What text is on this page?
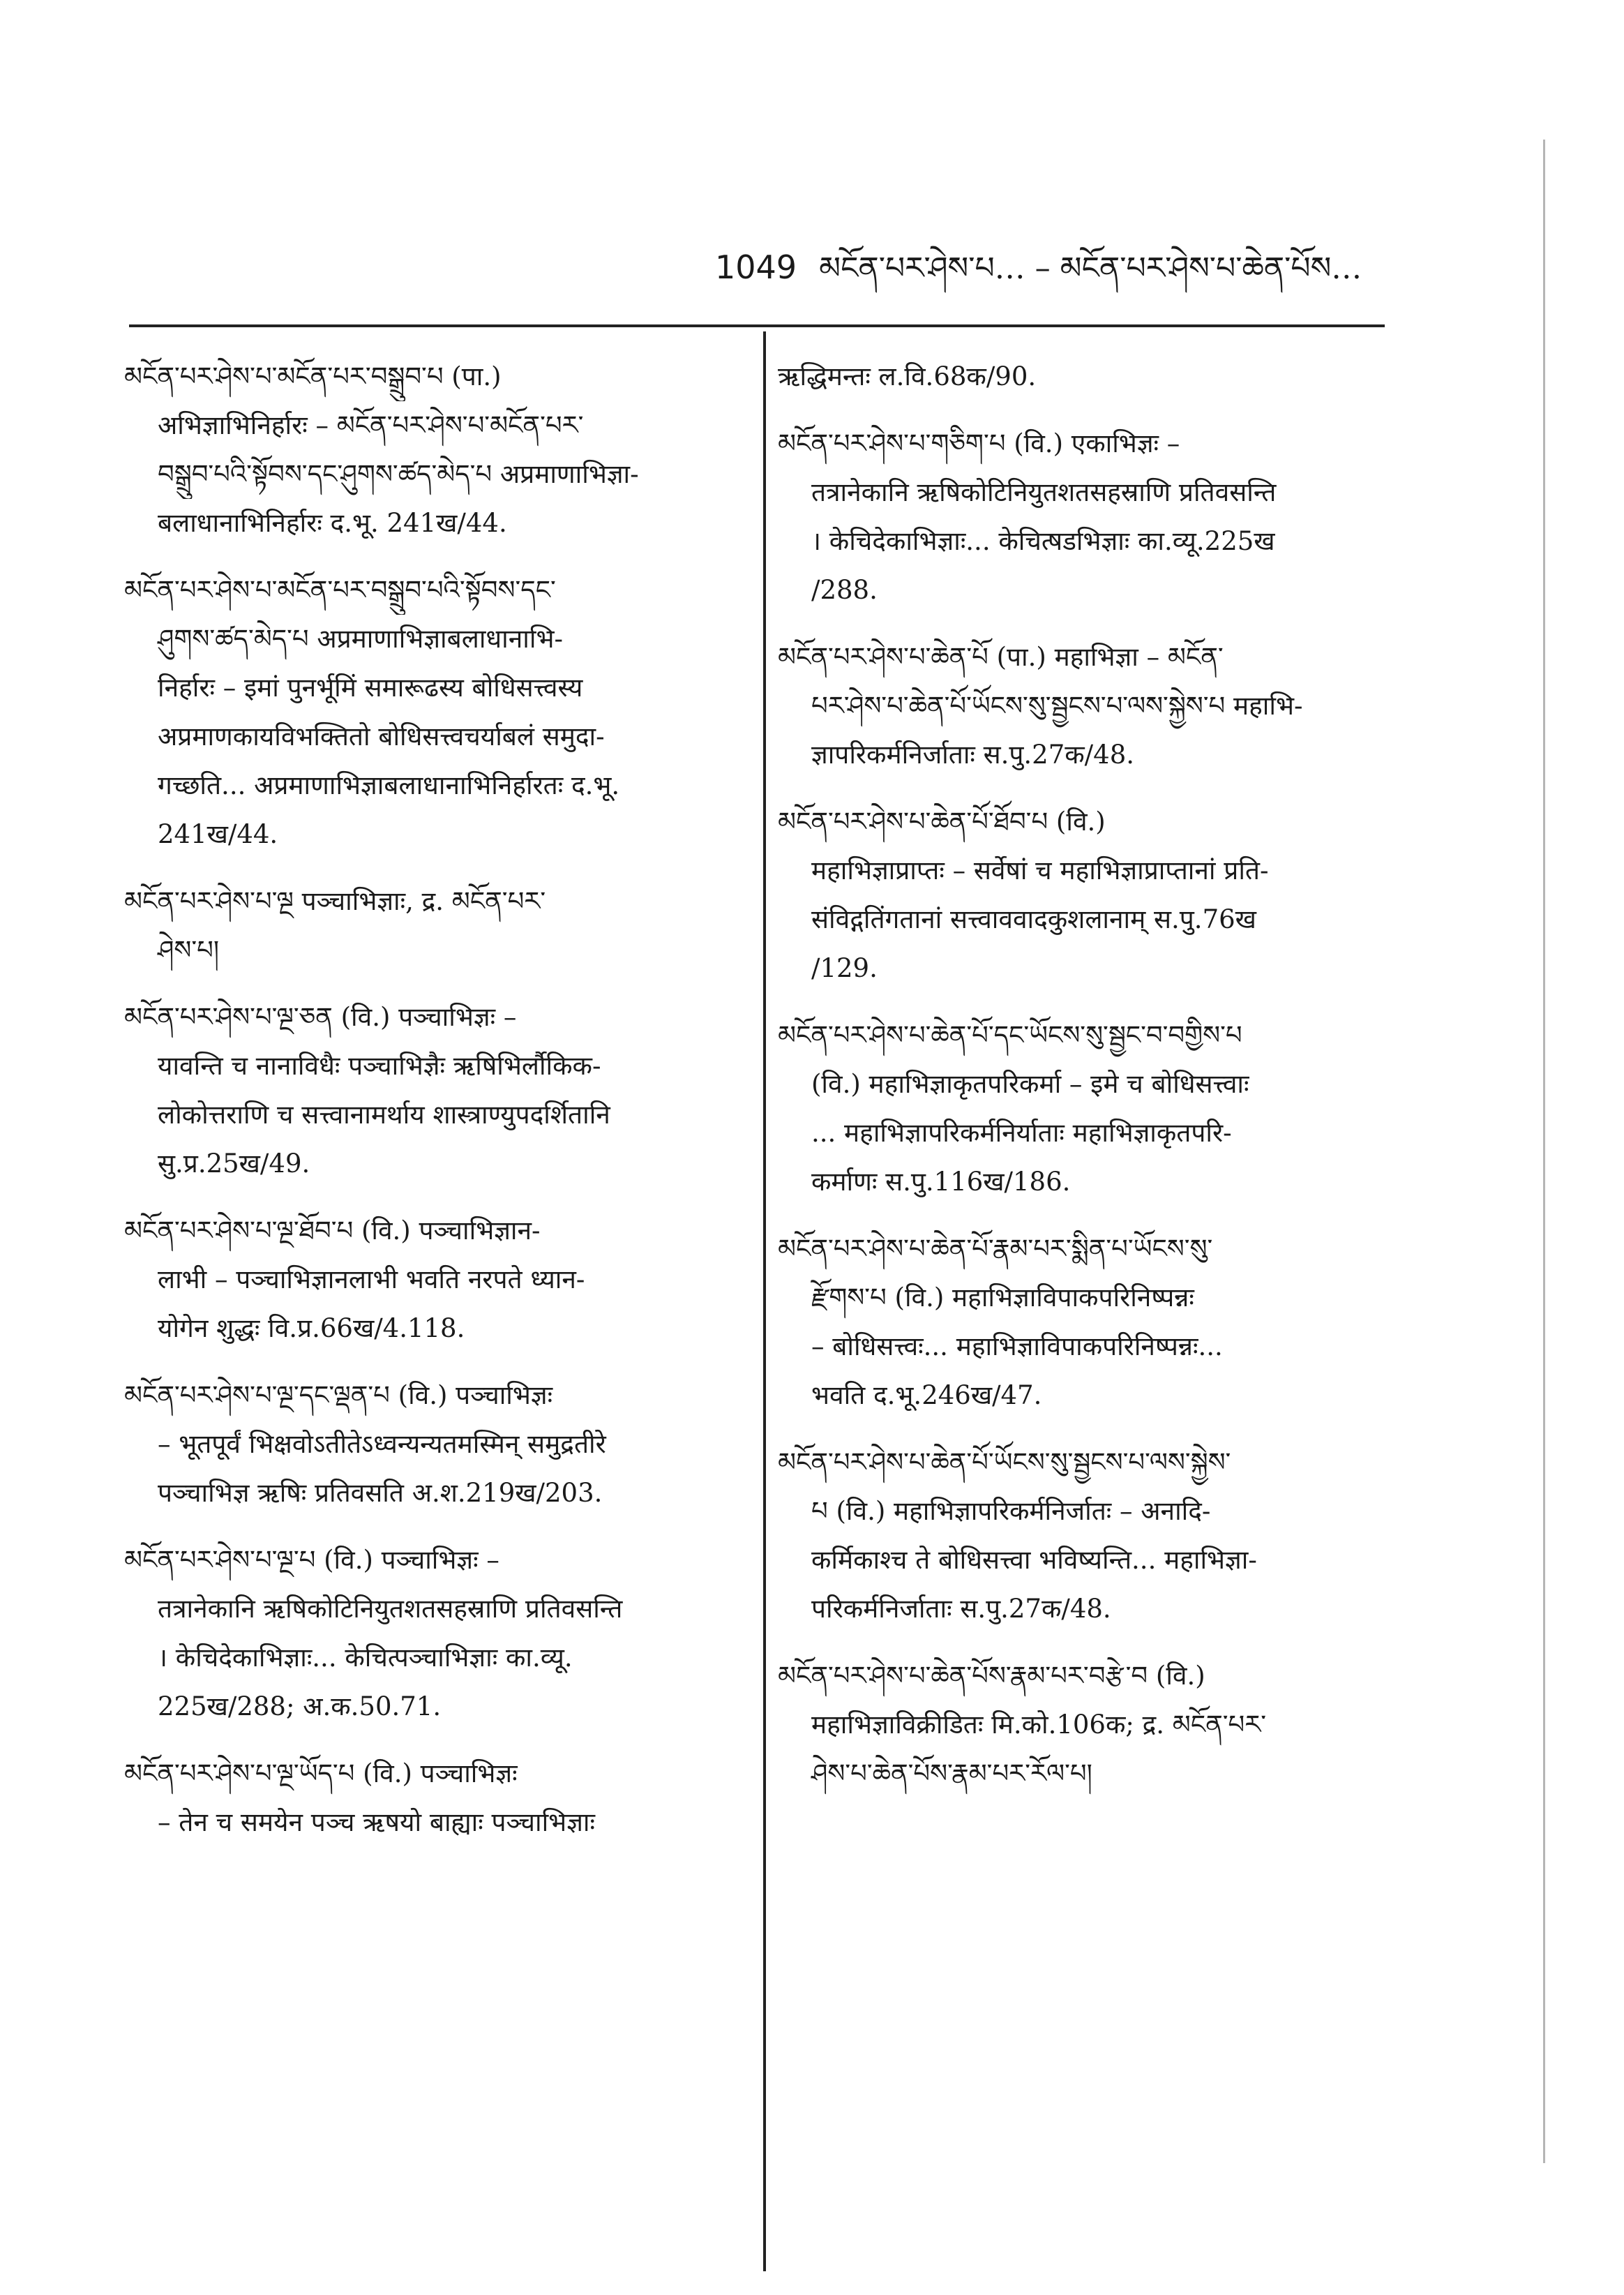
1049 མངོན་པར་ཤེས་པ… – མངོན་པར་ཤེས་པ་ཆེན་པོས…
མངོན་པར་ཤེས་པ་མངོན་པར་བསྒྲུབ་པ (पा.)
अभिज्ञाभिनिर्हारः – མངོན་པར་ཤེས་པ་མངོན་པར་
བསྒྲུབ་པའི་སྟོབས་དང་ཤུགས་ཚད་མེད་པ अप्रमाणाभिज्ञा-
बलाधानाभिनिर्हारः द.भू. 241ख/44.
མངོན་པར་ཤེས་པ་མངོན་པར་བསྒྲུབ་པའི་སྟོབས་དང་
ཤུགས་ཚད་མེད་པ अप्रमाणाभिज्ञाबलाधानाभि-
निर्हारः – इमां पुनर्भूमिं समारूढस्य बोधिसत्त्वस्य
अप्रमाणकायविभक्तितो बोधिसत्त्वचर्याबलं समुदा-
गच्छति... अप्रमाणाभिज्ञाबलाधानाभिनिर्हारतः द.भू.
241ख/44.
མངོན་པར་ཤེས་པ་ལྔ पञ्चाभिज्ञाः, द्र. མངོན་པར་
ཤེས་པ།
མངོན་པར་ཤེས་པ་ལྔ་ཅན (वि.) पञ्चाभिज्ञः –
यावन्ति च नानाविधैः पञ्चाभिज्ञैः ऋषिभिर्लौकिक-
लोकोत्तराणि च सत्त्वानामर्थाय शास्त्राण्युपदर्शितानि
सु.प्र.25ख/49.
མངོན་པར་ཤེས་པ་ལྔ་ཐོབ་པ (वि.) पञ्चाभिज्ञान-
लाभी – पञ्चाभिज्ञानलाभी भवति नरपते ध्यान-
योगेन शुद्धः वि.प्र.66ख/4.118.
མངོན་པར་ཤེས་པ་ལྔ་དང་ལྡན་པ (वि.) पञ्चाभिज्ञः
– भूतपूर्वं भिक्षवोऽतीतेऽध्वन्यन्यतमस्मिन् समुद्रतीरे
पञ्चाभिज्ञ ऋषिः प्रतिवसति अ.श.219ख/203.
མངོན་པར་ཤེས་པ་ལྔ་པ (वि.) पञ्चाभिज्ञः –
तत्रानेकानि ऋषिकोटिनियुतशतसहस्राणि प्रतिवसन्ति
। केचिदेकाभिज्ञाः... केचित्पञ्चाभिज्ञाः का.व्यू.
225ख/288; अ.क.50.71.
མངོན་པར་ཤེས་པ་ལྔ་ཡོད་པ (वि.) पञ्चाभिज्ञः
– तेन च समयेन पञ्च ऋषयो बाह्याः पञ्चाभिज्ञाः
ऋद्धिमन्तः ल.वि.68क/90.
མངོན་པར་ཤེས་པ་གཅིག་པ (वि.) एकाभिज्ञः –
तत्रानेकानि ऋषिकोटिनियुतशतसहस्राणि प्रतिवसन्ति
। केचिदेकाभिज्ञाः... केचित्षडभिज्ञाः का.व्यू.225ख
/288.
མངོན་པར་ཤེས་པ་ཆེན་པོ (पा.) महाभिज्ञा – མངོན་
པར་ཤེས་པ་ཆེན་པོ་ཡོངས་སུ་སྦྱངས་པ་ལས་སྐྱེས་པ महाभि-
ज्ञापरिकर्मनिर्जाताः स.पु.27क/48.
མངོན་པར་ཤེས་པ་ཆེན་པོ་ཐོབ་པ (वि.)
महाभिज्ञाप्राप्तः – सर्वेषां च महाभिज्ञाप्राप्तानां प्रति-
संविद्गतिंगतानां सत्त्वाववादकुशलानाम् स.पु.76ख
/129.
མངོན་པར་ཤེས་པ་ཆེན་པོ་དང་ཡོངས་སུ་སྦྱང་བ་བགྱིས་པ
(वि.) महाभिज्ञाकृतपरिकर्मा – इमे च बोधिसत्त्वाः
... महाभिज्ञापरिकर्मनिर्याताः महाभिज्ञाकृतपरि-
कर्माणः स.पु.116ख/186.
མངོན་པར་ཤེས་པ་ཆེན་པོ་རྣམ་པར་སྨིན་པ་ཡོངས་སུ་
རྫོགས་པ (वि.) महाभिज्ञाविपाकपरिनिष्पन्नः
– बोधिसत्त्वः... महाभिज्ञाविपाकपरिनिष्पन्नः...
भवति द.भू.246ख/47.
མངོན་པར་ཤེས་པ་ཆེན་པོ་ཡོངས་སུ་སྦྱངས་པ་ལས་སྐྱེས་
པ (वि.) महाभिज्ञापरिकर्मनिर्जातः – अनादि-
कर्मिकाश्च ते बोधिसत्त्वा भविष्यन्ति... महाभिज्ञा-
परिकर्मनिर्जाताः स.पु.27क/48.
མངོན་པར་ཤེས་པ་ཆེན་པོས་རྣམ་པར་བརྩེ་བ (वि.)
महाभिज्ञाविक्रीडितः मि.को.106क; द्र. མངོན་པར་
ཤེས་པ་ཆེན་པོས་རྣམ་པར་རོལ་པ།
